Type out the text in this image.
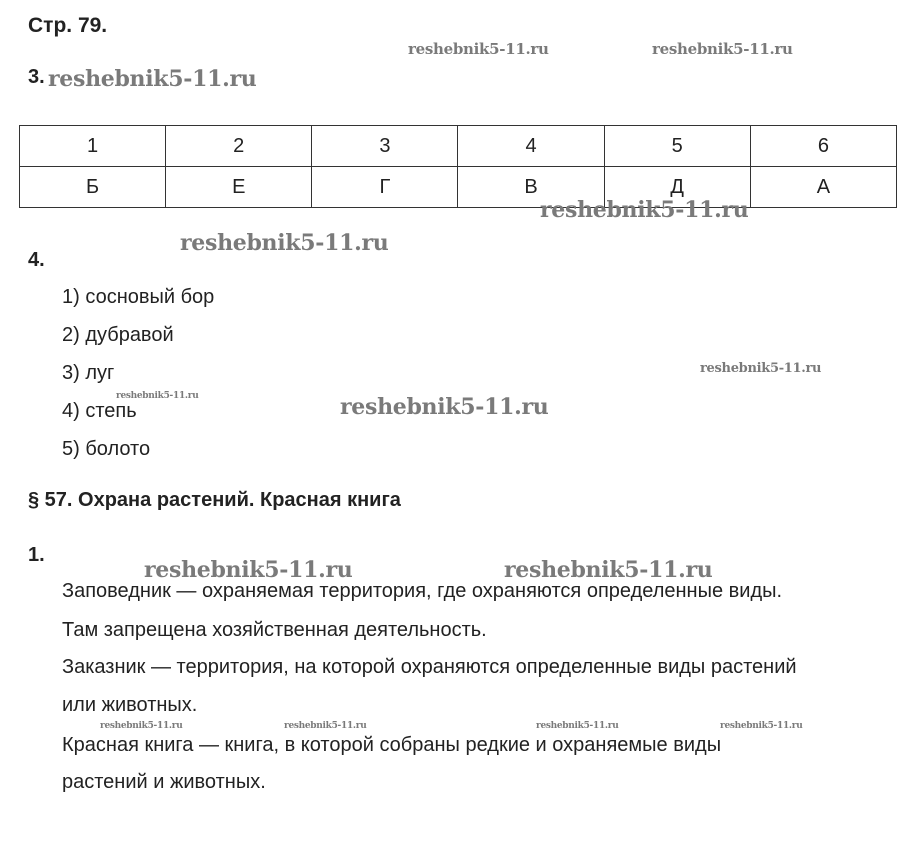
Стр. 79.
3.
1	2	3	4	5	6
Б	Е	Г	В	Д	А
4.
1) сосновый бор
2) дубравой
3) луг
4) степь
5) болото
§ 57. Охрана растений. Красная книга
1.
Заповедник — охраняемая территория, где охраняются определенные виды.
Там запрещена хозяйственная деятельность.
Заказник — территория, на которой охраняются определенные виды растений
или животных.
Красная книга — книга, в которой собраны редкие и охраняемые виды
растений и животных.
reshebnik5-11.ru	reshebnik5-11.ru
reshebnik5-11.ru
reshebnik5-11.ru
reshebnik5-11.ru
reshebnik5-11.ru
reshebnik5-11.ru	reshebnik5-11.ru
reshebnik5-11.ru	reshebnik5-11.ru
reshebnik5-11.ru	reshebnik5-11.ru	reshebnik5-11.ru	reshebnik5-11.ru
